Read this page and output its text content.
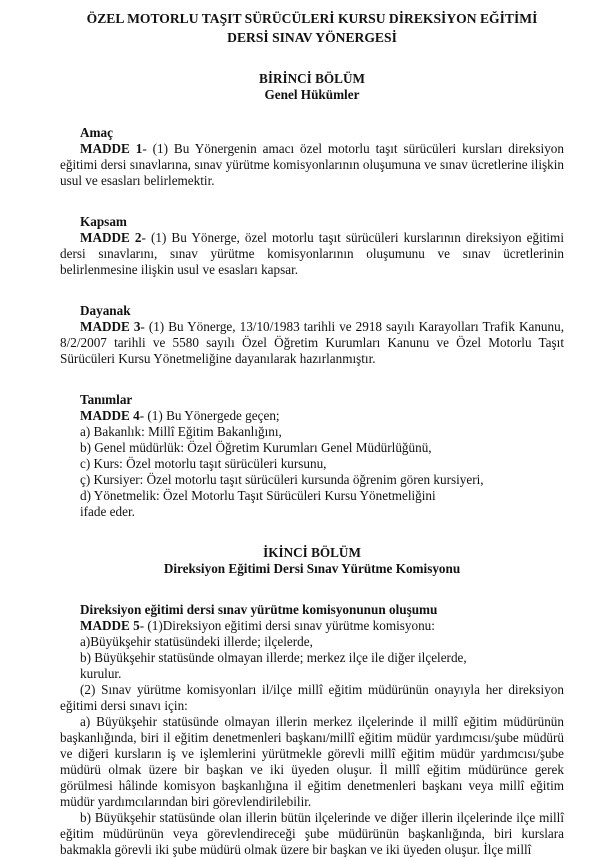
ÖZEL MOTORLU TAŞIT SÜRÜCÜLERİ KURSU DİREKSİYON EĞİTİMİ
DERSİ SINAV YÖNERGESİ
BİRİNCİ BÖLÜM
Genel Hükümler

Amaç

MADDE 1- (1) Bu Yönergenin amacı özel motorlu taşıt sürücüleri kursları direksiyon eğitimi dersi sınavlarına, sınav yürütme komisyonlarının oluşumuna ve sınav ücretlerine ilişkin usul ve esasları belirlemektir.

Kapsam

MADDE 2- (1) Bu Yönerge, özel motorlu taşıt sürücüleri kurslarının direksiyon eğitimi dersi sınavlarını, sınav yürütme komisyonlarının oluşumunu ve sınav ücretlerinin belirlenmesine ilişkin usul ve esasları kapsar.

Dayanak

MADDE 3- (1) Bu Yönerge, 13/10/1983 tarihli ve 2918 sayılı Karayolları Trafik Kanunu, 8/2/2007 tarihli ve 5580 sayılı Özel Öğretim Kurumları Kanunu ve Özel Motorlu Taşıt Sürücüleri Kursu Yönetmeliğine dayanılarak hazırlanmıştır.

Tanımlar

MADDE 4- (1) Bu Yönergede geçen;

a) Bakanlık: Millî Eğitim Bakanlığını,

b) Genel müdürlük: Özel Öğretim Kurumları Genel Müdürlüğünü,

c) Kurs: Özel motorlu taşıt sürücüleri kursunu,

ç) Kursiyer: Özel motorlu taşıt sürücüleri kursunda öğrenim gören kursiyeri,

d) Yönetmelik: Özel Motorlu Taşıt Sürücüleri Kursu Yönetmeliğini

ifade eder.

İKİNCİ BÖLÜM
Direksiyon Eğitimi Dersi Sınav Yürütme Komisyonu

Direksiyon eğitimi dersi sınav yürütme komisyonunun oluşumu

MADDE 5- (1)Direksiyon eğitimi dersi sınav yürütme komisyonu:

a)Büyükşehir statüsündeki illerde; ilçelerde,

b) Büyükşehir statüsünde olmayan illerde; merkez ilçe ile diğer ilçelerde,

kurulur.

(2) Sınav yürütme komisyonları il/ilçe millî eğitim müdürünün onayıyla her direksiyon eğitimi dersi sınavı için:

a) Büyükşehir statüsünde olmayan illerin merkez ilçelerinde il millî eğitim müdürünün başkanlığında, biri il eğitim denetmenleri başkanı/millî eğitim müdür yardımcısı/şube müdürü ve diğeri kursların iş ve işlemlerini yürütmekle görevli millî eğitim müdür yardımcısı/şube müdürü olmak üzere bir başkan ve iki üyeden oluşur. İl millî eğitim müdürünce gerek görülmesi hâlinde komisyon başkanlığına il eğitim denetmenleri başkanı veya millî eğitim müdür yardımcılarından biri görevlendirilebilir.

b) Büyükşehir statüsünde olan illerin bütün ilçelerinde ve diğer illerin ilçelerinde ilçe millî eğitim müdürünün veya görevlendireceği şube müdürünün başkanlığında, biri kurslara bakmakla görevli iki şube müdürü olmak üzere bir başkan ve iki üyeden oluşur. İlçe millî
